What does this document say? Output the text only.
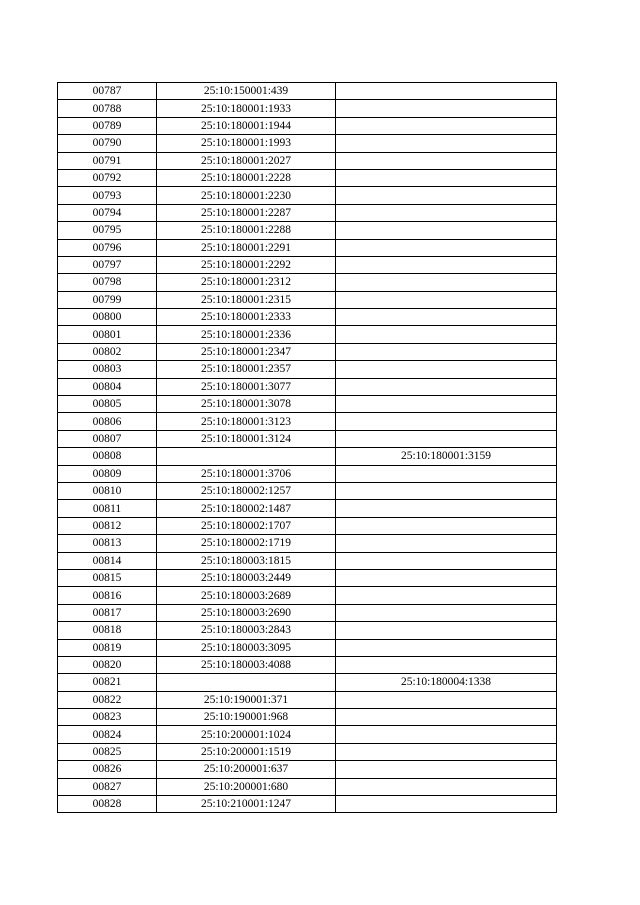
00787	25:10:150001:439	
00788	25:10:180001:1933	
00789	25:10:180001:1944	
00790	25:10:180001:1993	
00791	25:10:180001:2027	
00792	25:10:180001:2228	
00793	25:10:180001:2230	
00794	25:10:180001:2287	
00795	25:10:180001:2288	
00796	25:10:180001:2291	
00797	25:10:180001:2292	
00798	25:10:180001:2312	
00799	25:10:180001:2315	
00800	25:10:180001:2333	
00801	25:10:180001:2336	
00802	25:10:180001:2347	
00803	25:10:180001:2357	
00804	25:10:180001:3077	
00805	25:10:180001:3078	
00806	25:10:180001:3123	
00807	25:10:180001:3124	
00808		25:10:180001:3159
00809	25:10:180001:3706	
00810	25:10:180002:1257	
00811	25:10:180002:1487	
00812	25:10:180002:1707	
00813	25:10:180002:1719	
00814	25:10:180003:1815	
00815	25:10:180003:2449	
00816	25:10:180003:2689	
00817	25:10:180003:2690	
00818	25:10:180003:2843	
00819	25:10:180003:3095	
00820	25:10:180003:4088	
00821		25:10:180004:1338
00822	25:10:190001:371	
00823	25:10:190001:968	
00824	25:10:200001:1024	
00825	25:10:200001:1519	
00826	25:10:200001:637	
00827	25:10:200001:680	
00828	25:10:210001:1247	
